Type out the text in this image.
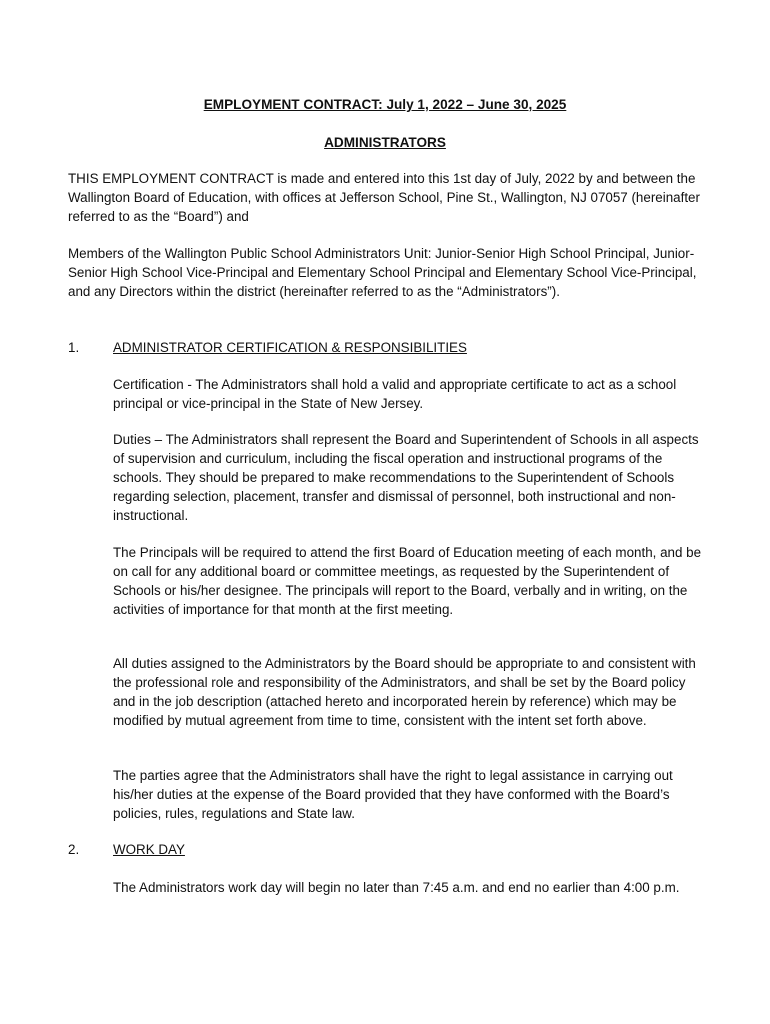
EMPLOYMENT CONTRACT: July 1, 2022 – June 30, 2025
ADMINISTRATORS

THIS EMPLOYMENT CONTRACT is made and entered into this 1st day of July, 2022 by and between the Wallington Board of Education, with offices at Jefferson School, Pine St., Wallington, NJ 07057 (hereinafter referred to as the “Board”) and

Members of the Wallington Public School Administrators Unit: Junior-Senior High School Principal, Junior-Senior High School Vice-Principal and Elementary School Principal and Elementary School Vice-Principal, and any Directors within the district (hereinafter referred to as the “Administrators”).

1.	ADMINISTRATOR CERTIFICATION & RESPONSIBILITIES

Certification - The Administrators shall hold a valid and appropriate certificate to act as a school principal or vice-principal in the State of New Jersey.

Duties – The Administrators shall represent the Board and Superintendent of Schools in all aspects of supervision and curriculum, including the fiscal operation and instructional programs of the schools. They should be prepared to make recommendations to the Superintendent of Schools regarding selection, placement, transfer and dismissal of personnel, both instructional and non-instructional.

The Principals will be required to attend the first Board of Education meeting of each month, and be on call for any additional board or committee meetings, as requested by the Superintendent of Schools or his/her designee. The principals will report to the Board, verbally and in writing, on the activities of importance for that month at the first meeting.

All duties assigned to the Administrators by the Board should be appropriate to and consistent with the professional role and responsibility of the Administrators, and shall be set by the Board policy and in the job description (attached hereto and incorporated herein by reference) which may be modified by mutual agreement from time to time, consistent with the intent set forth above.

The parties agree that the Administrators shall have the right to legal assistance in carrying out his/her duties at the expense of the Board provided that they have conformed with the Board’s policies, rules, regulations and State law.

2.	WORK DAY

The Administrators work day will begin no later than 7:45 a.m. and end no earlier than 4:00 p.m.
